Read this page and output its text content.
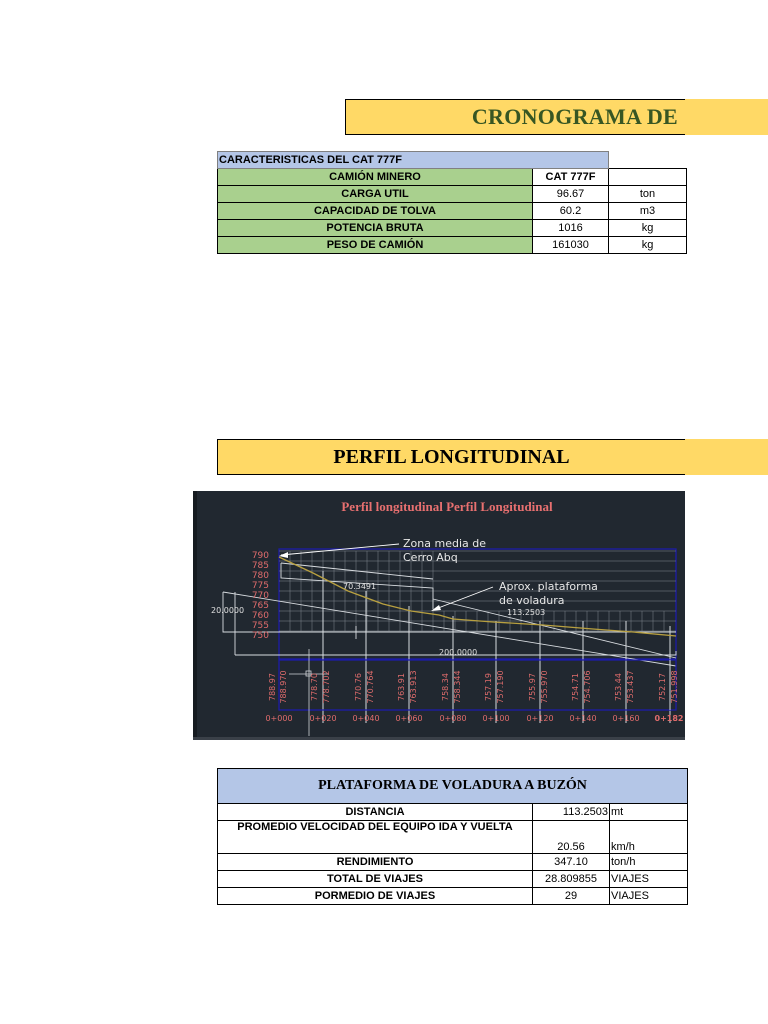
CRONOGRAMA DE
CARACTERISTICAS DEL CAT 777F		
CAMIÓN MINERO	CAT 777F	
CARGA UTIL	96.67	ton
CAPACIDAD DE TOLVA	60.2	m3
POTENCIA BRUTA	1016	kg
PESO DE CAMIÓN	161030	kg
PERFIL LONGITUDINAL
Perfil longitudinal Perfil Longitudinal
790
785
780
775
770
765
760
755
750
Zona media de
Cerro Abq
Aprox. plataforma
de voladura
70.3491
113.2503
200.0000
20.0000
788.97 788.970	778.70 778.702	770.76 770.764	763.91 763.913	758.34 758.344	757.19 757.190	755.97 755.970	754.71 754.706	753.44 753.437	752.17 751.998
0+000 0+020 0+040 0+060 0+080 0+100 0+120 0+140 0+160 0+182
PLATAFORMA DE VOLADURA A BUZÓN		
DISTANCIA	113.2503	mt
PROMEDIO VELOCIDAD DEL EQUIPO IDA Y VUELTA	20.56	km/h
RENDIMIENTO	347.10	ton/h
TOTAL DE VIAJES	28.809855	VIAJES
PORMEDIO DE VIAJES	29	VIAJES
